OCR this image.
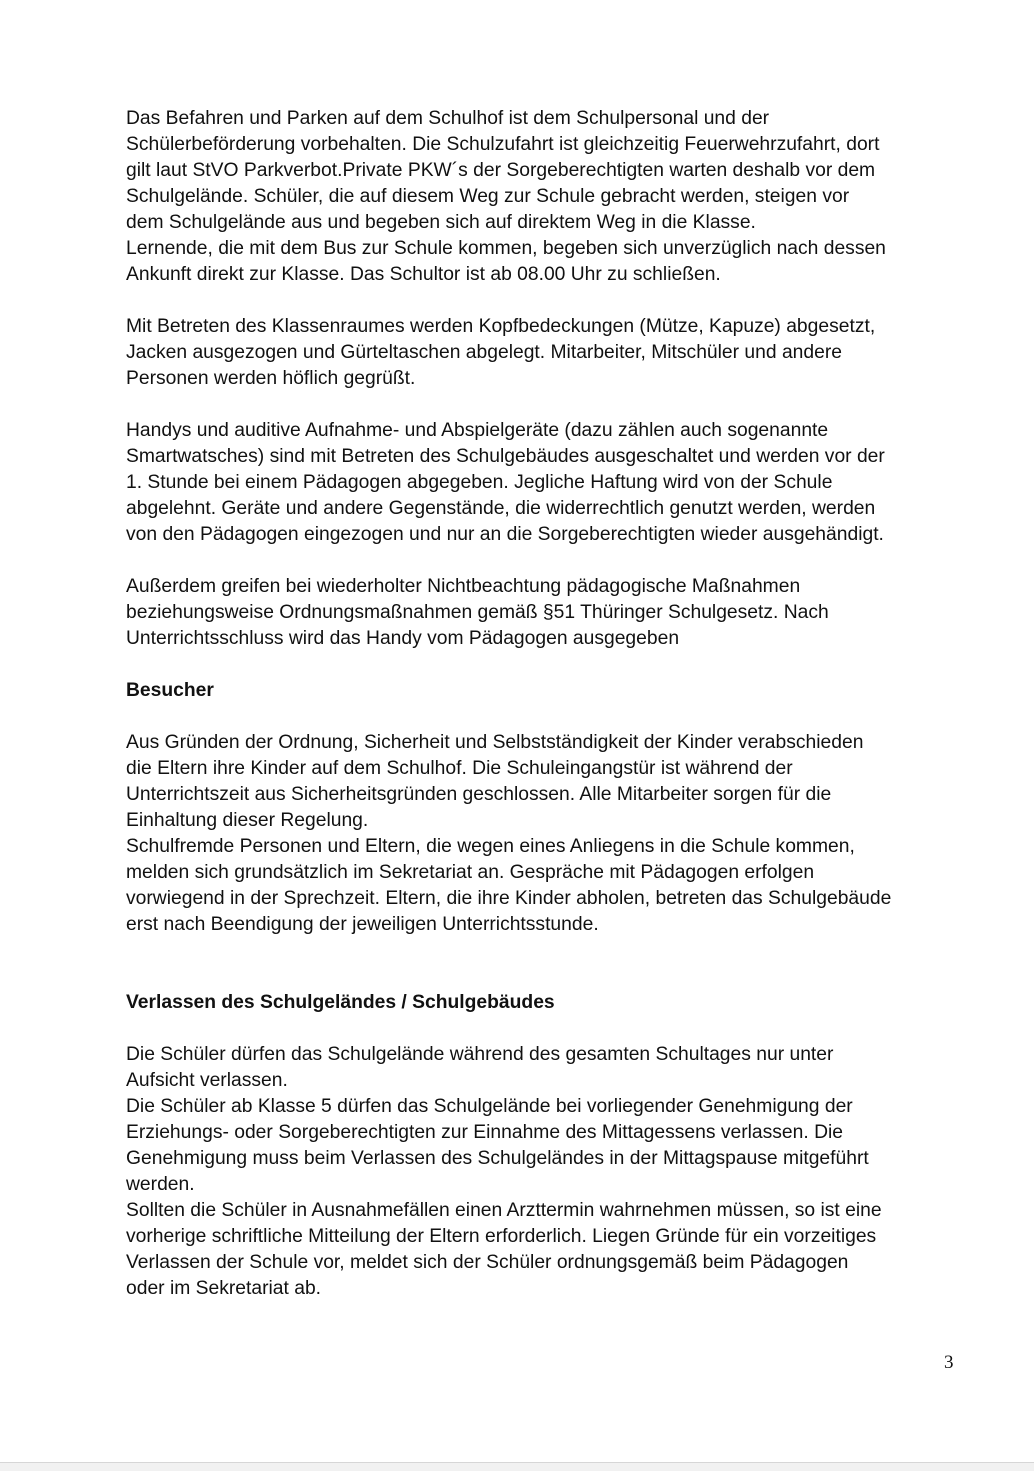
Das Befahren und Parken auf dem Schulhof ist dem Schulpersonal und der
Schülerbeförderung vorbehalten. Die Schulzufahrt ist gleichzeitig Feuerwehrzufahrt, dort
gilt laut StVO Parkverbot.Private PKW´s der Sorgeberechtigten warten deshalb vor dem
Schulgelände. Schüler, die auf diesem Weg zur Schule gebracht werden, steigen vor
dem Schulgelände aus und begeben sich auf direktem Weg in die Klasse.
Lernende, die mit dem Bus zur Schule kommen, begeben sich unverzüglich nach dessen
Ankunft direkt zur Klasse. Das Schultor ist ab 08.00 Uhr zu schließen.
Mit Betreten des Klassenraumes werden Kopfbedeckungen (Mütze, Kapuze) abgesetzt,
Jacken ausgezogen und Gürteltaschen abgelegt. Mitarbeiter, Mitschüler und andere
Personen werden höflich gegrüßt.
Handys und auditive Aufnahme- und Abspielgeräte (dazu zählen auch sogenannte
Smartwatsches) sind mit Betreten des Schulgebäudes ausgeschaltet und werden vor der
1. Stunde bei einem Pädagogen abgegeben. Jegliche Haftung wird von der Schule
abgelehnt. Geräte und andere Gegenstände, die widerrechtlich genutzt werden, werden
von den Pädagogen eingezogen und nur an die Sorgeberechtigten wieder ausgehändigt.
Außerdem greifen bei wiederholter Nichtbeachtung pädagogische Maßnahmen
beziehungsweise Ordnungsmaßnahmen gemäß §51 Thüringer Schulgesetz. Nach
Unterrichtsschluss wird das Handy vom Pädagogen ausgegeben
Besucher
Aus Gründen der Ordnung, Sicherheit und Selbstständigkeit der Kinder verabschieden
die Eltern ihre Kinder auf dem Schulhof. Die Schuleingangstür ist während der
Unterrichtszeit aus Sicherheitsgründen geschlossen. Alle Mitarbeiter sorgen für die
Einhaltung dieser Regelung.
Schulfremde Personen und Eltern, die wegen eines Anliegens in die Schule kommen,
melden sich grundsätzlich im Sekretariat an. Gespräche mit Pädagogen erfolgen
vorwiegend in der Sprechzeit. Eltern, die ihre Kinder abholen, betreten das Schulgebäude
erst nach Beendigung der jeweiligen Unterrichtsstunde.
Verlassen des Schulgeländes / Schulgebäudes
Die Schüler dürfen das Schulgelände während des gesamten Schultages nur unter
Aufsicht verlassen.
Die Schüler ab Klasse 5 dürfen das Schulgelände bei vorliegender Genehmigung der
Erziehungs- oder Sorgeberechtigten zur Einnahme des Mittagessens verlassen. Die
Genehmigung muss beim Verlassen des Schulgeländes in der Mittagspause mitgeführt
werden.
Sollten die Schüler in Ausnahmefällen einen Arzttermin wahrnehmen müssen, so ist eine
vorherige schriftliche Mitteilung der Eltern erforderlich. Liegen Gründe für ein vorzeitiges
Verlassen der Schule vor, meldet sich der Schüler ordnungsgemäß beim Pädagogen
oder im Sekretariat ab.
3
